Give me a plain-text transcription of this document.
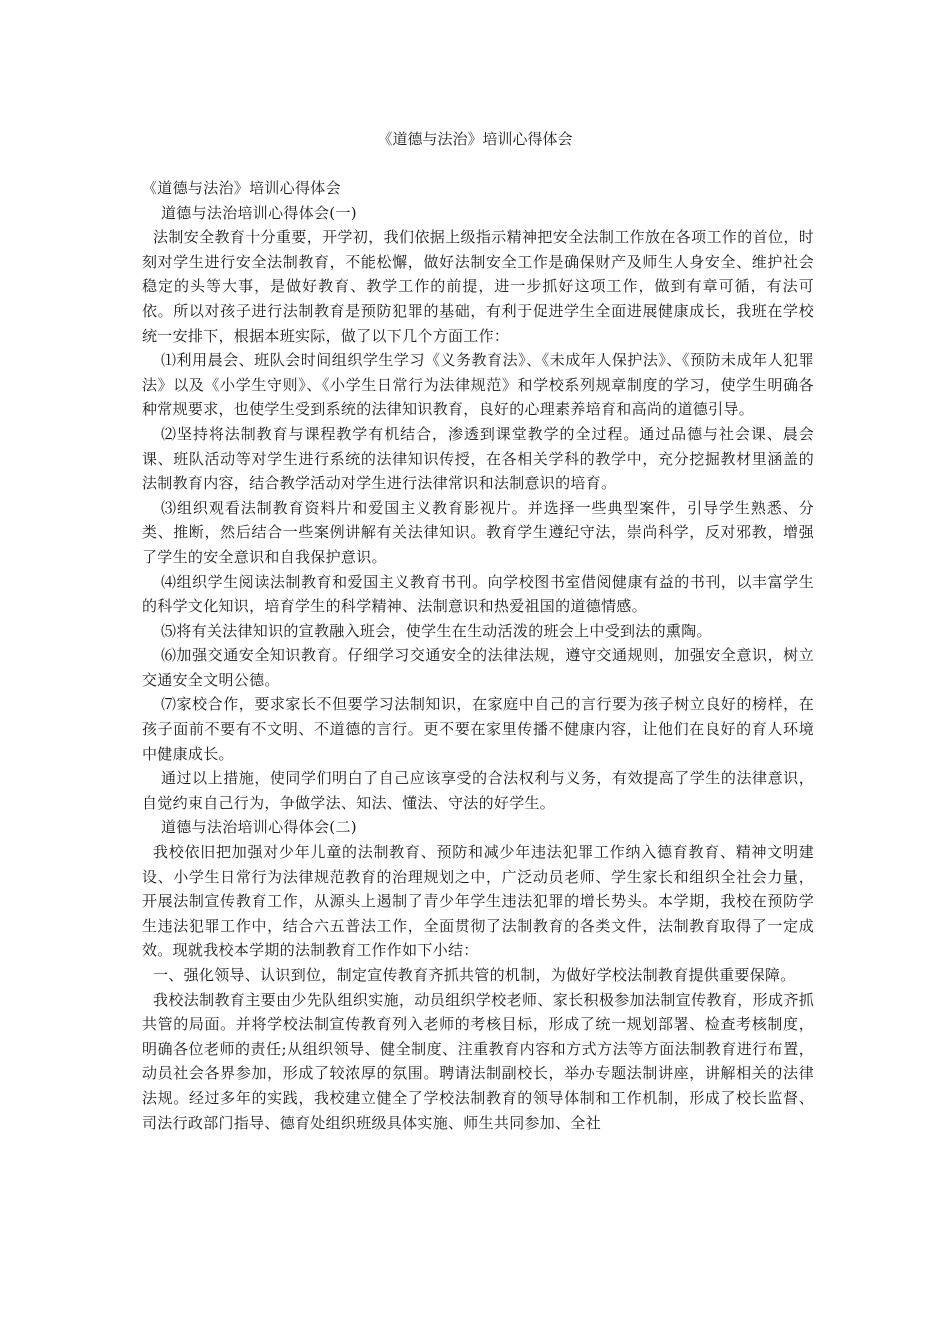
《道德与法治》培训心得体会

《道德与法治》培训心得体会

道德与法治培训心得体会(一)

法制安全教育十分重要，开学初，我们依据上级指示精神把安全法制工作放在各项工作的首位，时刻对学生进行安全法制教育，不能松懈，做好法制安全工作是确保财产及师生人身安全、维护社会稳定的头等大事，是做好教育、教学工作的前提，进一步抓好这项工作，做到有章可循，有法可依。所以对孩子进行法制教育是预防犯罪的基础，有利于促进学生全面进展健康成长，我班在学校统一安排下，根据本班实际，做了以下几个方面工作：

⑴利用晨会、班队会时间组织学生学习《义务教育法》、《未成年人保护法》、《预防未成年人犯罪法》以及《小学生守则》、《小学生日常行为法律规范》和学校系列规章制度的学习，使学生明确各种常规要求，也使学生受到系统的法律知识教育，良好的心理素养培育和高尚的道德引导。

⑵坚持将法制教育与课程教学有机结合，渗透到课堂教学的全过程。通过品德与社会课、晨会课、班队活动等对学生进行系统的法律知识传授，在各相关学科的教学中，充分挖掘教材里涵盖的法制教育内容，结合教学活动对学生进行法律常识和法制意识的培育。

⑶组织观看法制教育资料片和爱国主义教育影视片。并选择一些典型案件，引导学生熟悉、分类、推断，然后结合一些案例讲解有关法律知识。教育学生遵纪守法，崇尚科学，反对邪教，增强了学生的安全意识和自我保护意识。

⑷组织学生阅读法制教育和爱国主义教育书刊。向学校图书室借阅健康有益的书刊，以丰富学生的科学文化知识，培育学生的科学精神、法制意识和热爱祖国的道德情感。

⑸将有关法律知识的宣教融入班会，使学生在生动活泼的班会上中受到法的熏陶。

⑹加强交通安全知识教育。仔细学习交通安全的法律法规，遵守交通规则，加强安全意识，树立交通安全文明公德。

⑺家校合作，要求家长不但要学习法制知识，在家庭中自己的言行要为孩子树立良好的榜样，在孩子面前不要有不文明、不道德的言行。更不要在家里传播不健康内容，让他们在良好的育人环境中健康成长。

通过以上措施，使同学们明白了自己应该享受的合法权利与义务，有效提高了学生的法律意识，自觉约束自己行为，争做学法、知法、懂法、守法的好学生。

道德与法治培训心得体会(二)

我校依旧把加强对少年儿童的法制教育、预防和减少年违法犯罪工作纳入德育教育、精神文明建设、小学生日常行为法律规范教育的治理规划之中，广泛动员老师、学生家长和组织全社会力量，开展法制宣传教育工作，从源头上遏制了青少年学生违法犯罪的增长势头。本学期，我校在预防学生违法犯罪工作中，结合六五普法工作，全面贯彻了法制教育的各类文件，法制教育取得了一定成效。现就我校本学期的法制教育工作作如下小结：

一、强化领导、认识到位，制定宣传教育齐抓共管的机制，为做好学校法制教育提供重要保障。

我校法制教育主要由少先队组织实施，动员组织学校老师、家长积极参加法制宣传教育，形成齐抓共管的局面。并将学校法制宣传教育列入老师的考核目标，形成了统一规划部署、检查考核制度，明确各位老师的责任;从组织领导、健全制度、注重教育内容和方式方法等方面法制教育进行布置，动员社会各界参加，形成了较浓厚的氛围。聘请法制副校长，举办专题法制讲座，讲解相关的法律法规。经过多年的实践，我校建立健全了学校法制教育的领导体制和工作机制，形成了校长监督、司法行政部门指导、德育处组织班级具体实施、师生共同参加、全社
